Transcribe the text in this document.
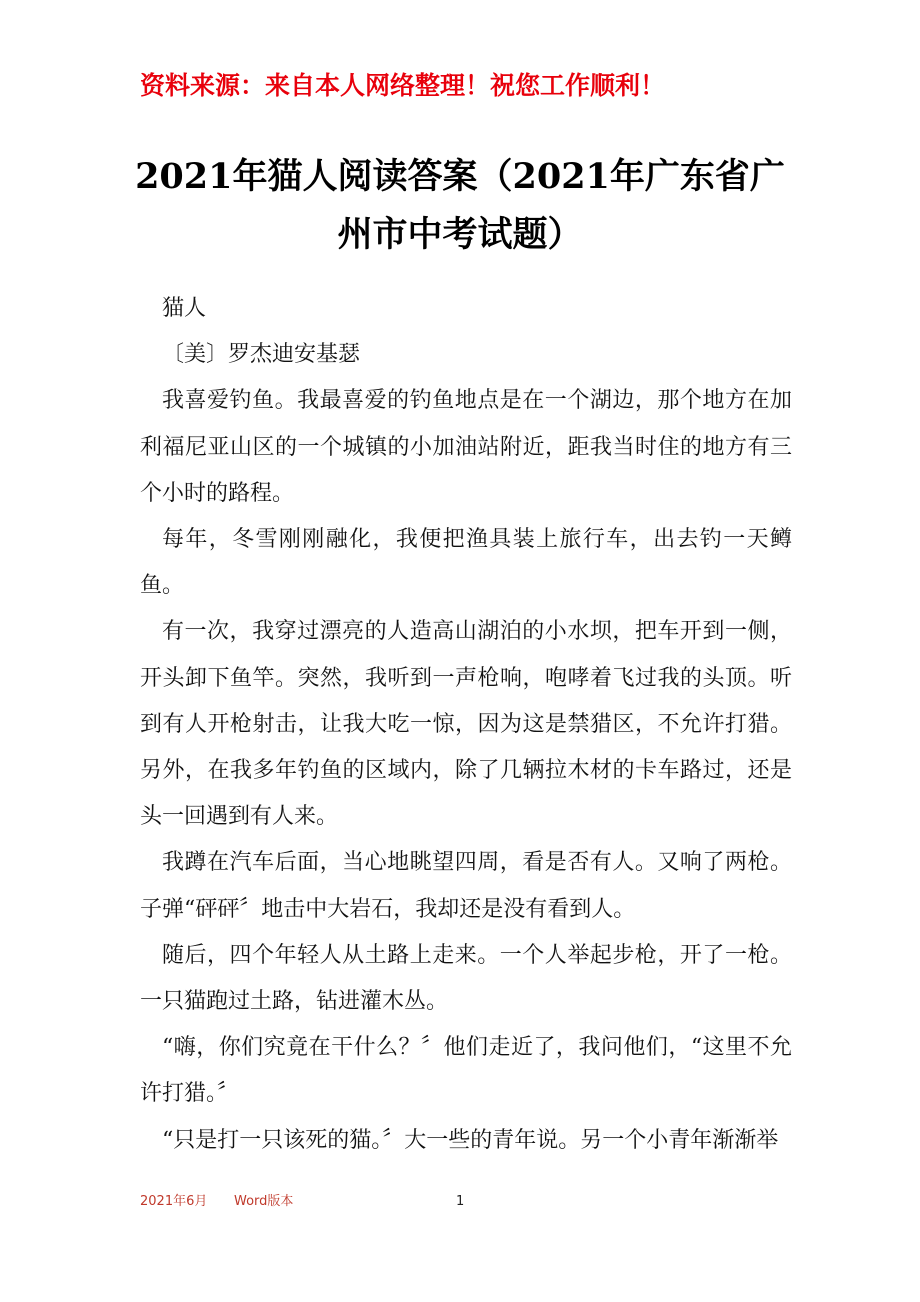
资料来源：来自本人网络整理！祝您工作顺利！
2021年猫人阅读答案（2021年广东省广州市中考试题）

猫人

〔美〕罗杰迪安基瑟

我喜爱钓鱼。我最喜爱的钓鱼地点是在一个湖边，那个地方在加利福尼亚山区的一个城镇的小加油站附近，距我当时住的地方有三个小时的路程。

每年，冬雪刚刚融化，我便把渔具装上旅行车，出去钓一天鳟鱼。

有一次，我穿过漂亮的人造高山湖泊的小水坝，把车开到一侧，开头卸下鱼竿。突然，我听到一声枪响，咆哮着飞过我的头顶。听到有人开枪射击，让我大吃一惊，因为这是禁猎区，不允许打猎。另外，在我多年钓鱼的区域内，除了几辆拉木材的卡车路过，还是头一回遇到有人来。

我蹲在汽车后面，当心地眺望四周，看是否有人。又响了两枪。子弹“砰砰〞地击中大岩石，我却还是没有看到人。

随后，四个年轻人从土路上走来。一个人举起步枪，开了一枪。一只猫跑过土路，钻进灌木丛。

“嗨，你们究竟在干什么？〞他们走近了，我问他们，“这里不允许打猎。〞

“只是打一只该死的猫。〞大一些的青年说。另一个小青年渐渐举

2021年6月 Word版本	1
